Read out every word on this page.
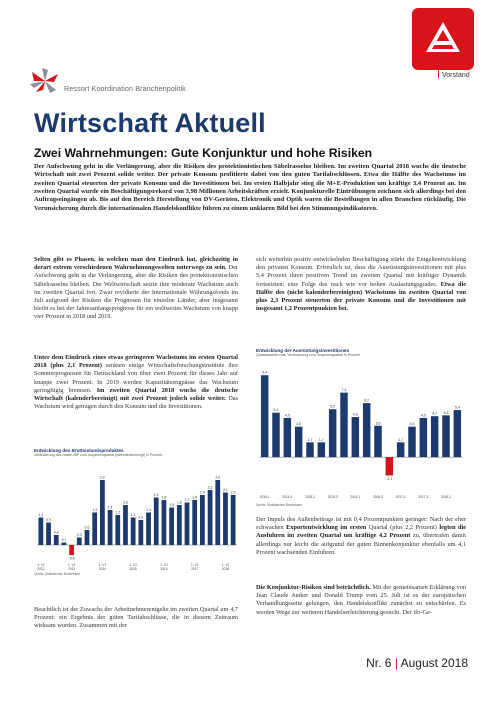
Vorstand
Ressort Koordination Branchenpolitik
Wirtschaft Aktuell
Zwei Wahrnehmungen: Gute Konjunktur und hohe Risiken

Der Aufschwung geht in die Verlängerung, aber die Risiken des protektionistischen Säbelrasselns bleiben. Im zweiten Quartal 2018 wuchs die deutsche Wirtschaft mit zwei Prozent solide weiter. Der private Konsum profitierte dabei von den guten Tarifabschlüssen. Etwa die Hälfte des Wachstums im zweiten Quartal steuerten der private Konsum und die Investitionen bei. Im ersten Halbjahr stieg die M+E-Produktion um kräftige 3,4 Prozent an. Im zweiten Quartal wurde ein Beschäftigungsrekord von 3,98 Millionen Arbeitskräften erzielt. Konjunkturelle Eintrübungen zeichnen sich allerdings bei den Auftragseingängen ab. Bis auf den Bereich Herstellung von DV-Geräten, Elektronik und Optik waren die Bestellungen in allen Branchen rückläufig. Die Verunsicherung durch die internationalen Handelskonflikte führen zu einem unklaren Bild bei den Stimmungsindikatoren.

Selten gibt es Phasen, in welchen man den Eindruck hat, gleichzeitig in derart extrem verschiedenen Wahrnehmungswelten unterwegs zu sein. Der Aufschwung geht in die Verlängerung, aber die Risiken des protektionistischen Säbelrasselns bleiben. Die Weltwirtschaft setzte ihre moderate Wachstum auch im zweiten Quartal fort. Zwar revidierte der Internationale Währungsfonds im Juli aufgrund der Risiken die Prognosen für einzelne Länder, aber insgesamt bleibt es bei der Jahresanfangsprognose für ein weltweites Wachstum von knapp vier Prozent in 2018 und 2019.

Unter dem Eindruck eines etwas geringeren Wachstums im ersten Quartal 2018 (plus 2,1 Prozent) senkten einige Wirtschaftsforschungsinstitute ihre Sommerprognosen für Deutschland von über zwei Prozent für dieses Jahr auf knappe zwei Prozent. In 2019 werden Kapazitätsengpässe das Wachstum geringfügig bremsen. Im zweiten Quartal 2018 wuchs die deutsche Wirtschaft (kalenderbereinigt) mit zwei Prozent jedoch solide weiter. Das Wachstum wird getragen durch den Konsum und die Investitionen.

Entwicklung des Bruttoinlandsproduktes
Veränderung des realen BIP zum Vorjahresquartal (kalenderbereinigt) in Prozent
1,1
0,9
0,4
0,1
-0,4
0,3
0,6
1,3
2,6
1,4
1,2
1,6
1,1
1,0
1,3
1,9
1,8
1,5
1,6
1,7
1,8
2,0
2,2
2,6
2,1
2,0
1. VJ
2012
1. VJ
2013
1. VJ
2014
1. VJ
2015
1. VJ
2016
1. VJ
2017
1. VJ
2018
Quelle: Statistisches Bundesamt

Beachtlich ist der Zuwachs der Arbeitnehmerentgelte im zweiten Quartal um 4,7 Prozent: ein Ergebnis der guten Tarifabschlüsse, die in diesem Zeitraum wirksam wurden. Zusammen mit der

sich weiterhin positiv entwickelnden Beschäftigung stärkt die Entgeltentwicklung den privaten Konsum. Erfreulich ist, dass die Ausrüstungsinvestitionen mit plus 5,4 Prozent ihren positiven Trend im zweiten Quartal mit kräftiger Dynamik fortsetzten: eine Folge des nach wie vor hohen Auslastungsgrades. Etwa die Hälfte des (nicht kalenderbereinigten) Wachstums im zweiten Quartal von plus 2,3 Prozent steuerten der private Konsum und die Investitionen mit insgesamt 1,2 Prozentpunkten bei.

Entwicklung der Ausrüstungsinvestitionen
Quartalswerte real, Veränderung zum Vorjahresquartal in Prozent
9,4
5,1
4,5
3,5
1,7 1,7
5,5
7,4
4,6
6,2
3,6
-2,1
1,7
3,5
4,5 4,7 4,8
5,4
2014-1	2014-3	2015-1	2015-3	2016-1	2016-3	2017-1	2017-3	2018-1
Quelle: Statistisches Bundesamt

Der Impuls des Außenbeitrags ist mit 0,4 Prozentpunkten geringer: Nach der eher schwachen Exportentwicklung im ersten Quartal (plus 2,2 Prozent) legten die Ausfuhren im zweiten Quartal um kräftige 4,2 Prozent zu, übertrafen damit allerdings nur leicht die aufgrund der guten Binnenkonjunktur ebenfalls um 4,1 Prozent wachsenden Einfuhren.

Die Konjunktur-Risiken sind beträchtlich. Mit der gemeinsamen Erklärung von Jean Claude Junker und Donald Trump vom 25. Juli ist es der europäischen Verhandlungsseite gelungen, den Handelskonflikt zunächst zu entschärfen. Es werden Wege zur weiteren Handelserleichterung gesucht. Der ifo-Ge-

Nr. 6 | August 2018
